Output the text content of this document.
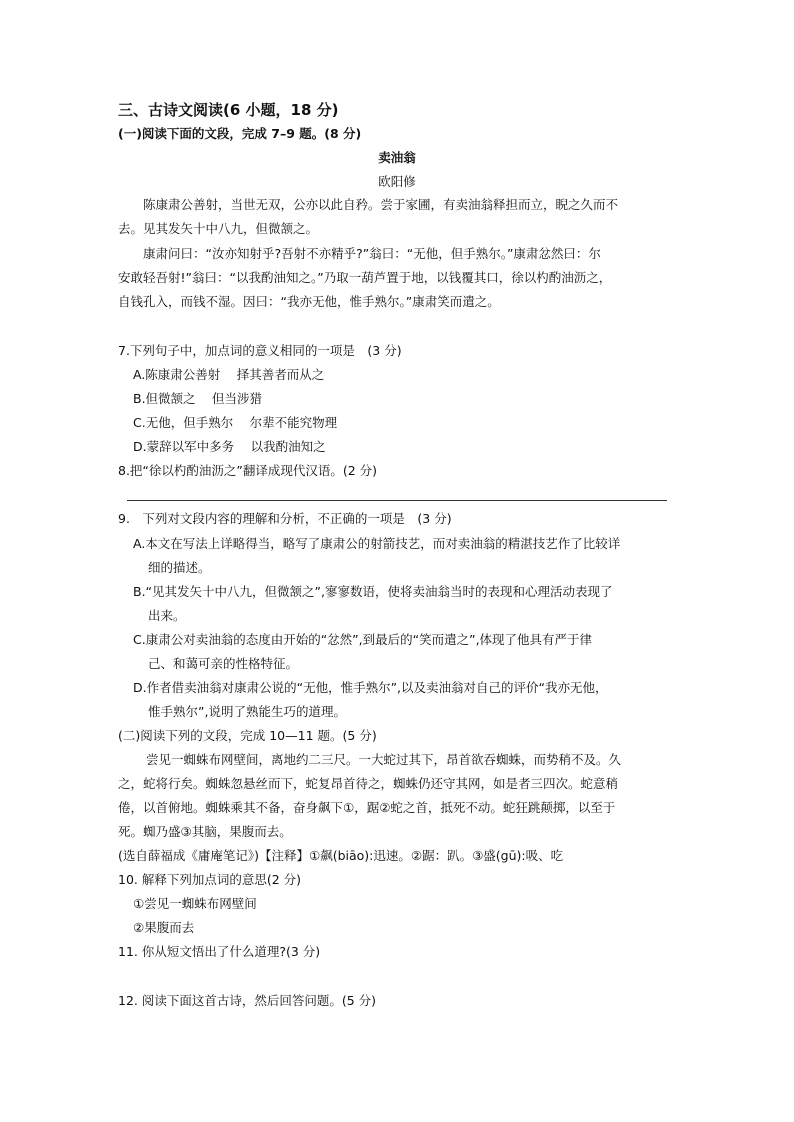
三、古诗文阅读(6 小题，18 分)
(一)阅读下面的文段，完成 7–9 题。(8 分)
卖油翁
欧阳修
陈康肃公善射，当世无双，公亦以此自矜。尝于家圃，有卖油翁释担而立，睨之久而不
去。见其发矢十中八九，但微颔之。
康肃问曰：“汝亦知射乎?吾射不亦精乎?”翁曰：“无他，但手熟尔。”康肃忿然曰：尔
安敢轻吾射!”翁曰：“以我酌油知之。”乃取一葫芦置于地，以钱覆其口，徐以杓酌油沥之，
自钱孔入，而钱不湿。因曰：“我亦无他，惟手熟尔。”康肃笑而遣之。
7.下列句子中，加点词的意义相同的一项是　(3 分)
A.陈康肃公善射　 择其善者而从之
B.但微颔之　 但当涉猎
C.无他，但手熟尔　 尔辈不能究物理
D.蒙辞以军中多务　 以我酌油知之
8.把“徐以杓酌油沥之”翻译成现代汉语。(2 分)
9.　下列对文段内容的理解和分析，不正确的一项是　(3 分)
A.本文在写法上详略得当，略写了康肃公的射箭技艺，而对卖油翁的精湛技艺作了比较详
细的描述。
B.“见其发矢十中八九，但微颔之”,寥寥数语，使将卖油翁当时的表现和心理活动表现了
出来。
C.康肃公对卖油翁的态度由开始的“忿然”,到最后的“笑而遣之”,体现了他具有严于律
己、和蔼可亲的性格特征。
D.作者借卖油翁对康肃公说的“无他，惟手熟尔”,以及卖油翁对自己的评价“我亦无他，
惟手熟尔”,说明了熟能生巧的道理。
(二)阅读下列的文段，完成 10—11 题。(5 分)
尝见一蜘蛛布网壁间，离地约二三尺。一大蛇过其下，昂首欲吞蜘蛛，而势稍不及。久
之，蛇将行矣。蜘蛛忽悬丝而下，蛇复昂首待之，蜘蛛仍还守其网，如是者三四次。蛇意稍
倦，以首俯地。蜘蛛乘其不备，奋身飙下①，踞②蛇之首，抵死不动。蛇狂跳颠掷，以至于
死。蜘乃盛③其脑，果腹而去。
(选自薛福成《庸庵笔记》)【注释】①飙(biāo):迅速。②踞：趴。③盛(gū):吸、吃
10. 解释下列加点词的意思(2 分)
①尝见一蜘蛛布网壁间
②果腹而去
11. 你从短文悟出了什么道理?(3 分)
12. 阅读下面这首古诗，然后回答问题。(5 分)
